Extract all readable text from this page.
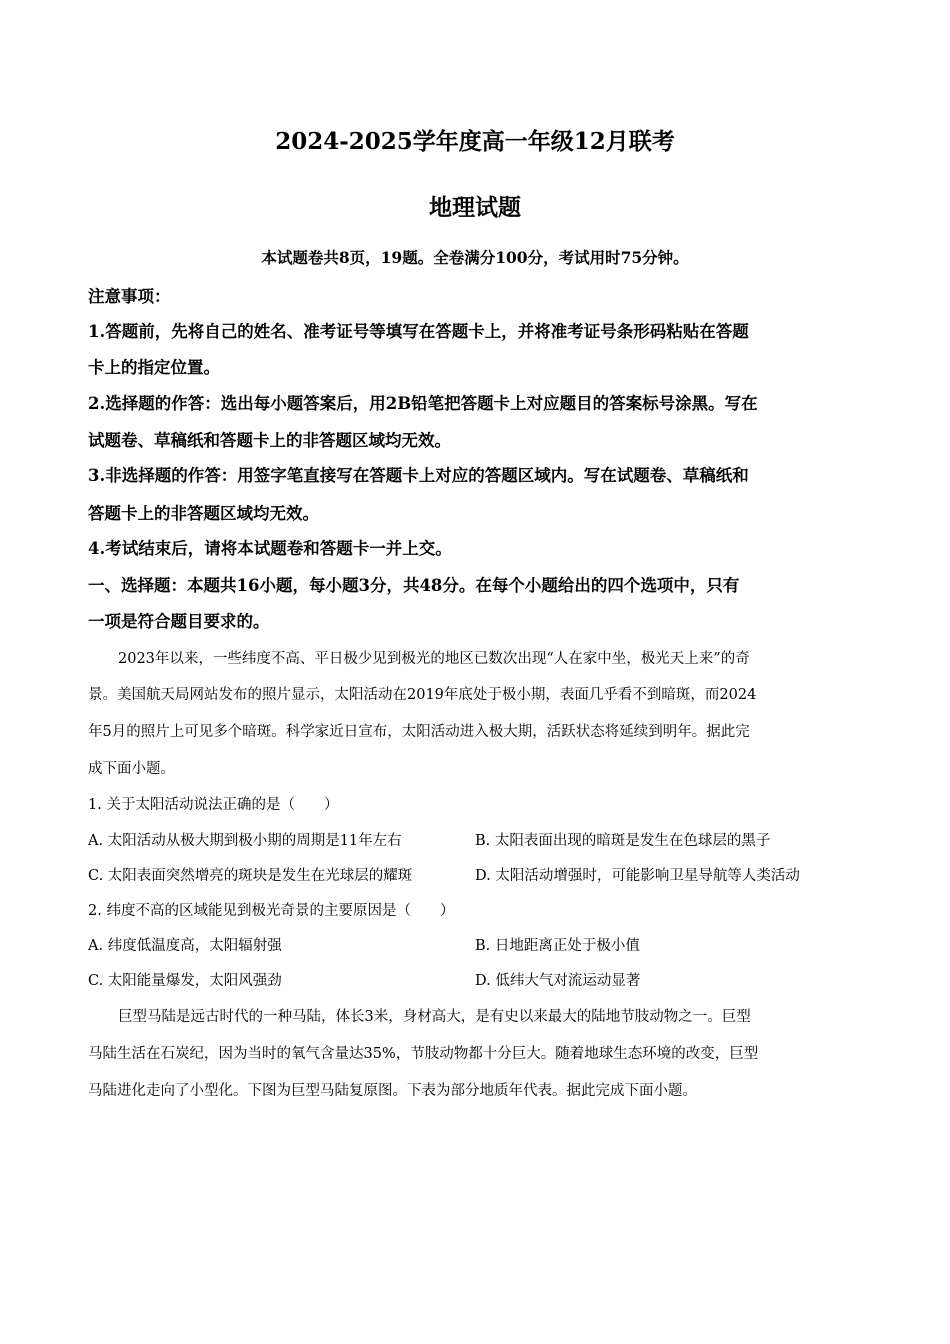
2024-2025学年度高一年级12月联考
地理试题
本试题卷共8页，19题。全卷满分100分，考试用时75分钟。
注意事项：
1.答题前，先将自己的姓名、准考证号等填写在答题卡上，并将准考证号条形码粘贴在答题
卡上的指定位置。
2.选择题的作答：选出每小题答案后，用2B铅笔把答题卡上对应题目的答案标号涂黑。写在
试题卷、草稿纸和答题卡上的非答题区域均无效。
3.非选择题的作答：用签字笔直接写在答题卡上对应的答题区域内。写在试题卷、草稿纸和
答题卡上的非答题区域均无效。
4.考试结束后，请将本试题卷和答题卡一并上交。
一、选择题：本题共16小题，每小题3分，共48分。在每个小题给出的四个选项中，只有
一项是符合题目要求的。
2023年以来，一些纬度不高、平日极少见到极光的地区已数次出现“人在家中坐，极光天上来”的奇
景。美国航天局网站发布的照片显示，太阳活动在2019年底处于极小期，表面几乎看不到暗斑，而2024
年5月的照片上可见多个暗斑。科学家近日宣布，太阳活动进入极大期，活跃状态将延续到明年。据此完
成下面小题。
1. 关于太阳活动说法正确的是（　　）
A. 太阳活动从极大期到极小期的周期是11年左右	B. 太阳表面出现的暗斑是发生在色球层的黑子
C. 太阳表面突然增亮的斑块是发生在光球层的耀斑	D. 太阳活动增强时，可能影响卫星导航等人类活动
2. 纬度不高的区域能见到极光奇景的主要原因是（　　）
A. 纬度低温度高，太阳辐射强	B. 日地距离正处于极小值
C. 太阳能量爆发，太阳风强劲	D. 低纬大气对流运动显著
巨型马陆是远古时代的一种马陆，体长3米，身材高大，是有史以来最大的陆地节肢动物之一。巨型
马陆生活在石炭纪，因为当时的氧气含量达35%，节肢动物都十分巨大。随着地球生态环境的改变，巨型
马陆进化走向了小型化。下图为巨型马陆复原图。下表为部分地质年代表。据此完成下面小题。
